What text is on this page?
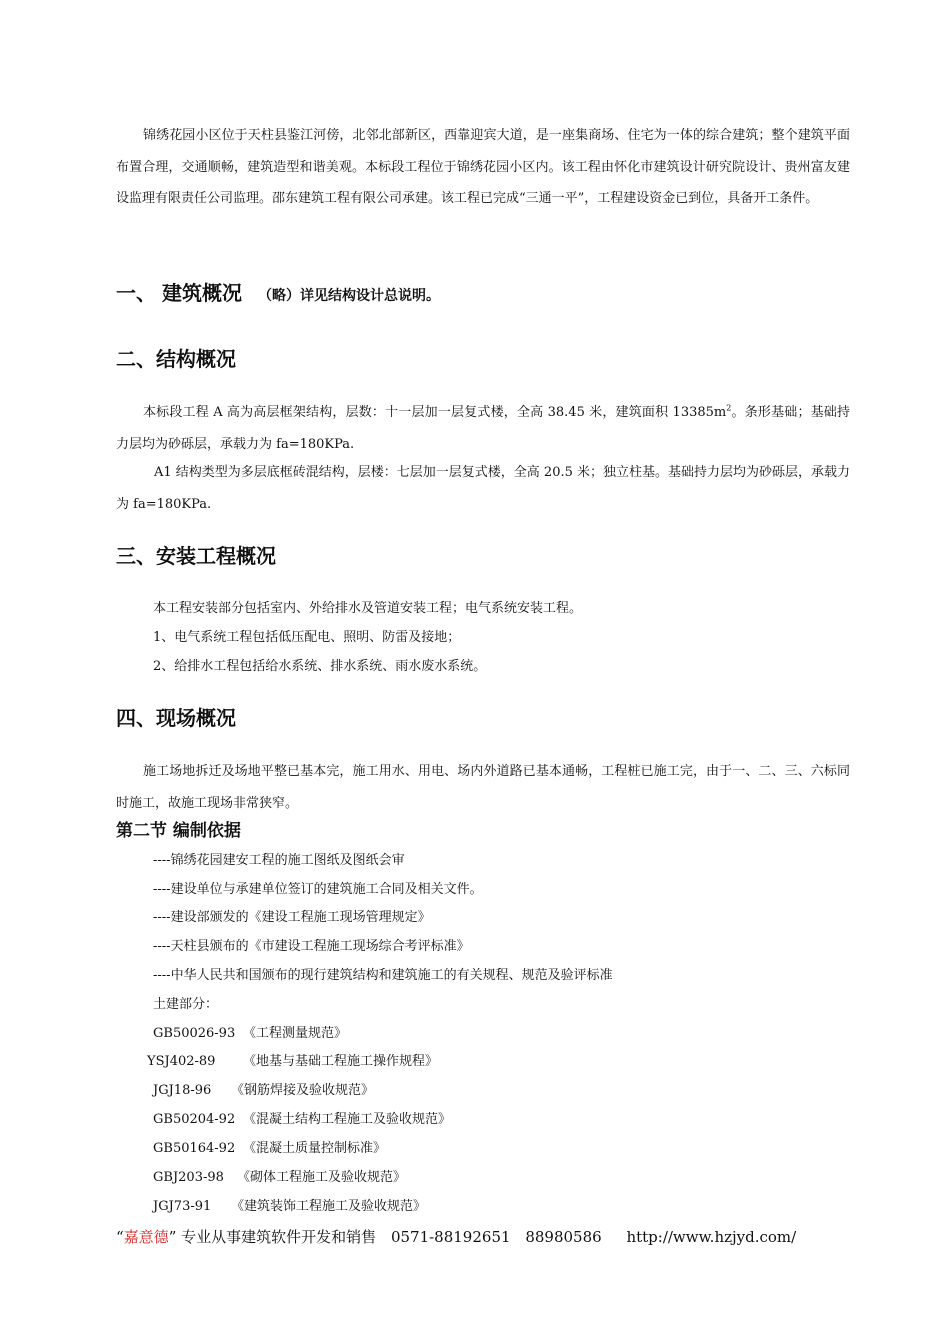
锦绣花园小区位于天柱县鉴江河傍，北邻北部新区，西靠迎宾大道，是一座集商场、住宅为一体的综合建筑；整个建筑平面布置合理，交通顺畅，建筑造型和谐美观。本标段工程位于锦绣花园小区内。该工程由怀化市建筑设计研究院设计、贵州富友建设监理有限责任公司监理。邵东建筑工程有限公司承建。该工程已完成“三通一平”，工程建设资金已到位，具备开工条件。

一、 建筑概况 （略）详见结构设计总说明。
二、结构概况

本标段工程 A 高为高层框架结构，层数：十一层加一层复式楼，全高 38.45 米，建筑面积 $13385m^2$。条形基础；基础持力层均为砂砾层，承载力为 fa=180KPa.

A1 结构类型为多层底框砖混结构，层楼：七层加一层复式楼，全高 20.5 米；独立柱基。基础持力层均为砂砾层，承载力为 fa=180KPa.

三、安装工程概况

本工程安装部分包括室内、外给排水及管道安装工程；电气系统安装工程。

1、电气系统工程包括低压配电、照明、防雷及接地；

2、给排水工程包括给水系统、排水系统、雨水废水系统。

四、现场概况

施工场地拆迁及场地平整已基本完，施工用水、用电、场内外道路已基本通畅，工程桩已施工完，由于一、二、三、六标同时施工，故施工现场非常狭窄。

第二节 编制依据

----锦绣花园建安工程的施工图纸及图纸会审

----建设单位与承建单位签订的建筑施工合同及相关文件。

----建设部颁发的《建设工程施工现场管理规定》

----天柱县颁布的《市建设工程施工现场综合考评标准》

----中华人民共和国颁布的现行建筑结构和建筑施工的有关规程、规范及验评标准

土建部分：

GB50026-93 《工程测量规范》

YSJ402-89 《地基与基础工程施工操作规程》

JGJ18-96 《钢筋焊接及验收规范》

GB50204-92 《混凝土结构工程施工及验收规范》

GB50164-92 《混凝土质量控制标准》

GBJ203-98 《砌体工程施工及验收规范》

JGJ73-91 《建筑装饰工程施工及验收规范》

“嘉意德” 专业从事建筑软件开发和销售 0571-88192651 88980586 http://www.hzjyd.com/
